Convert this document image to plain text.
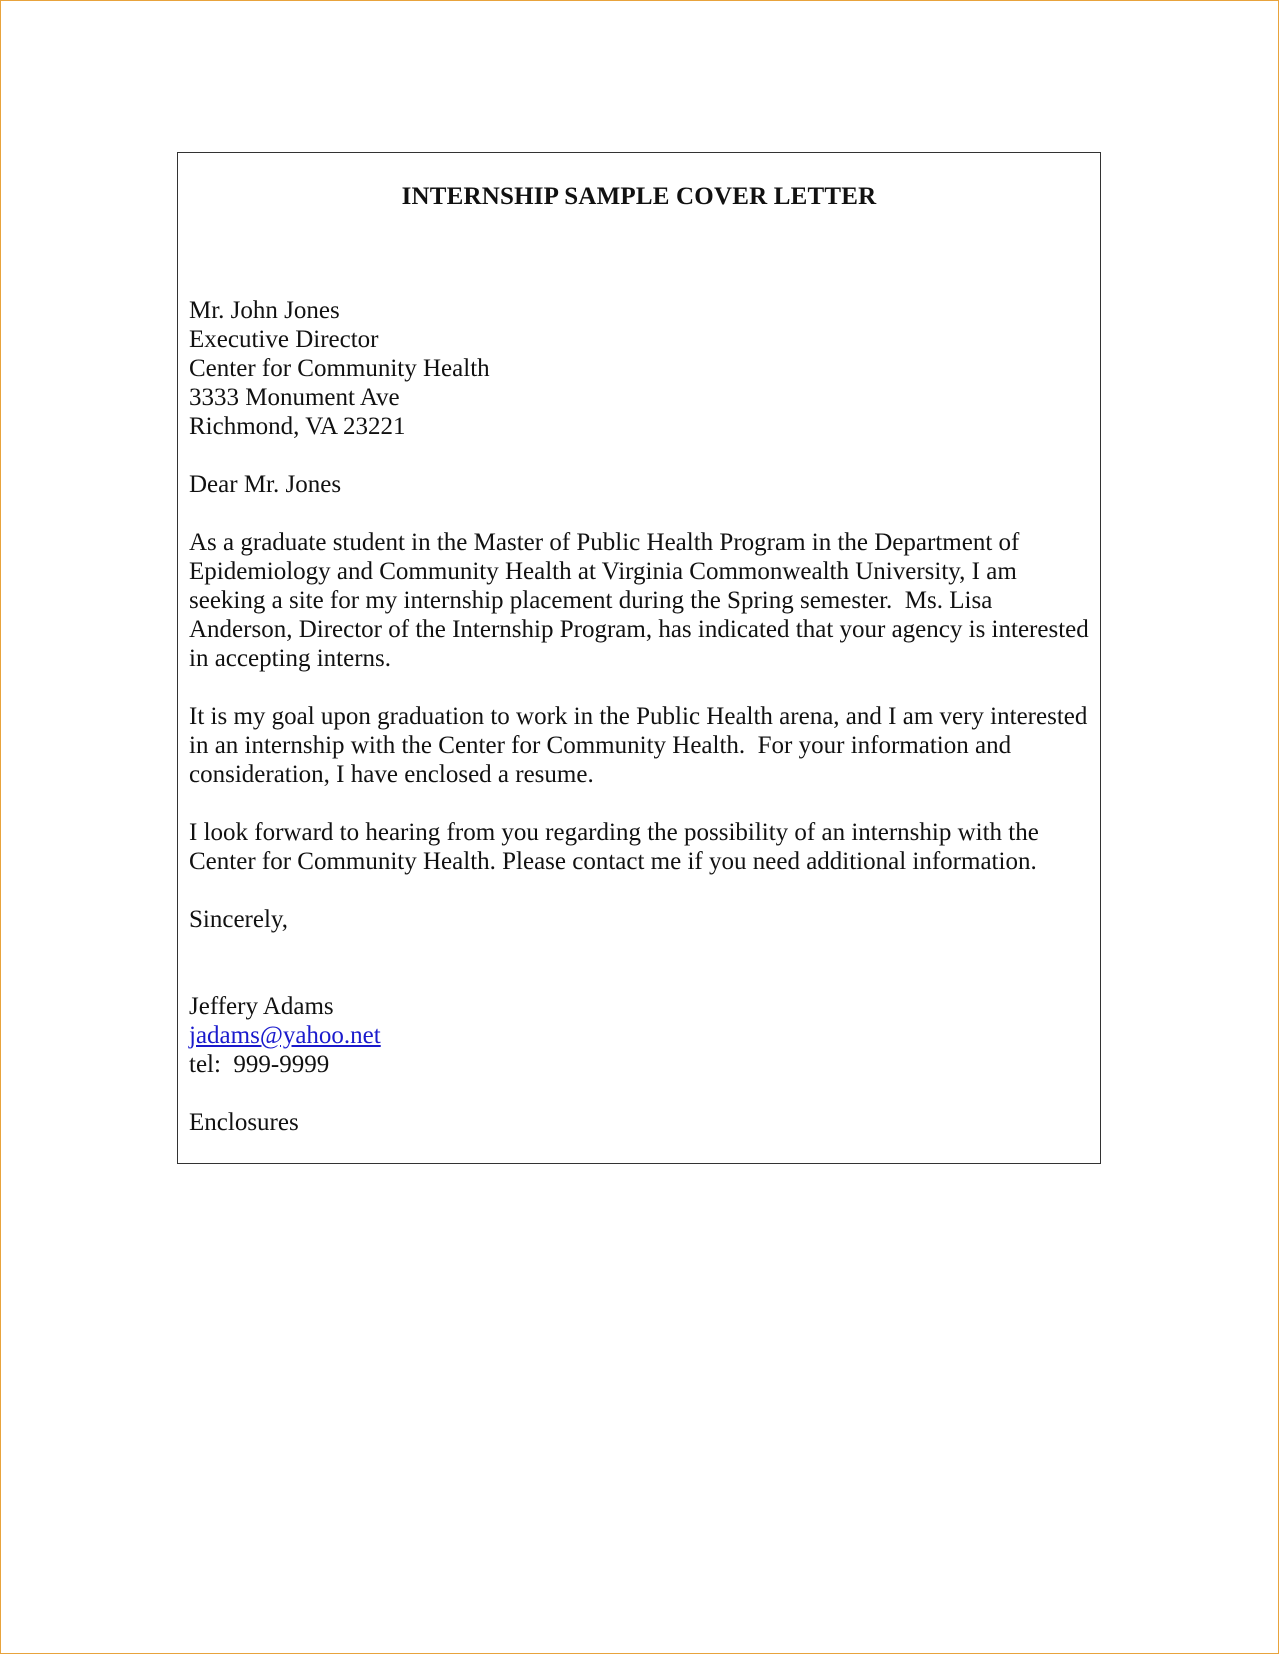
INTERNSHIP SAMPLE COVER LETTER
Mr. John Jones
Executive Director
Center for Community Health
3333 Monument Ave
Richmond, VA 23221
Dear Mr. Jones
As a graduate student in the Master of Public Health Program in the Department of
Epidemiology and Community Health at Virginia Commonwealth University, I am
seeking a site for my internship placement during the Spring semester.  Ms. Lisa
Anderson, Director of the Internship Program, has indicated that your agency is interested
in accepting interns.
It is my goal upon graduation to work in the Public Health arena, and I am very interested
in an internship with the Center for Community Health.  For your information and
consideration, I have enclosed a resume.
I look forward to hearing from you regarding the possibility of an internship with the
Center for Community Health. Please contact me if you need additional information.
Sincerely,
Jeffery Adams
jadams@yahoo.net
tel:  999-9999
Enclosures
